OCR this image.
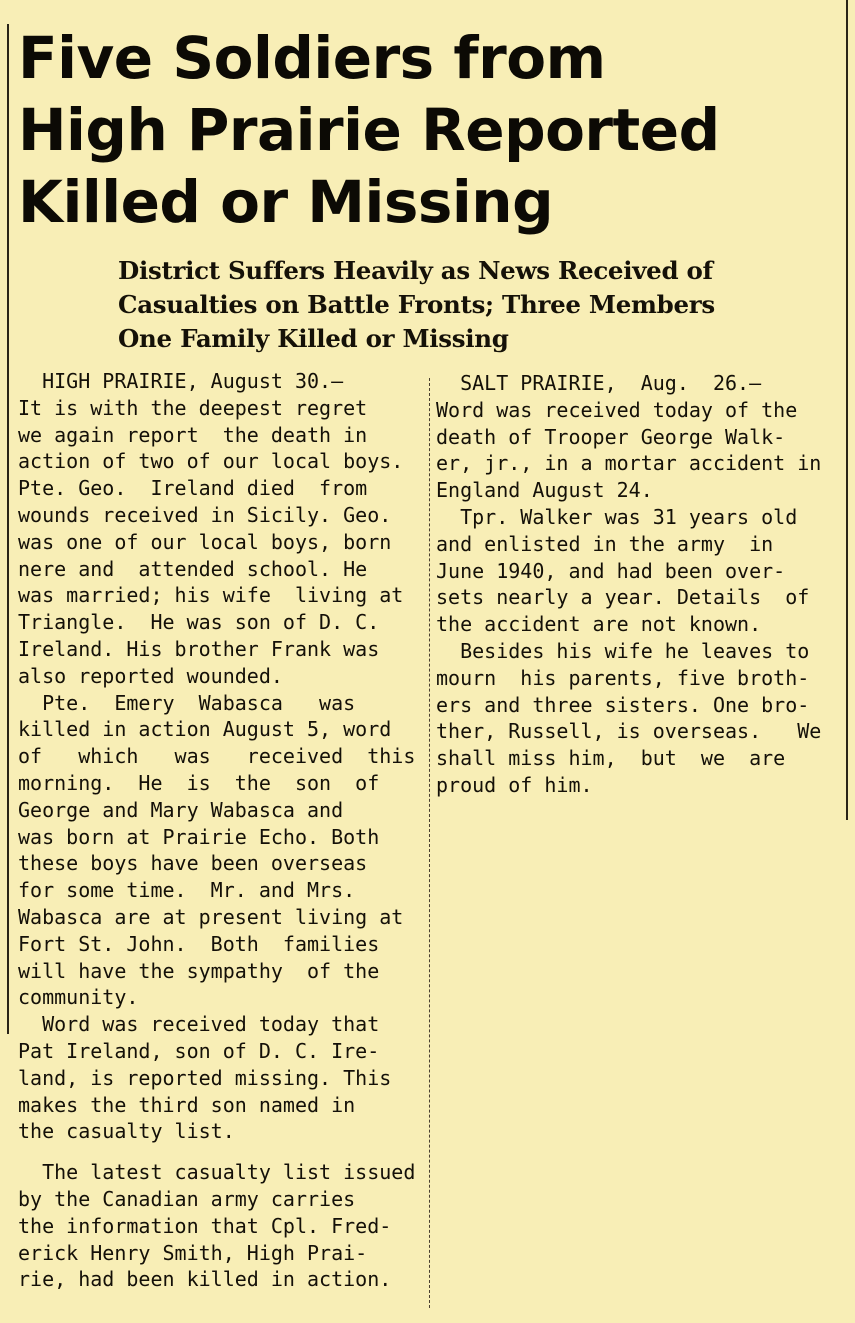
Five Soldiers from
High Prairie Reported
Killed or Missing
District Suffers Heavily as News Received of
Casualties on Battle Fronts; Three Members
One Family Killed or Missing

HIGH PRAIRIE, August 30.—
It is with the deepest regret
we again report  the death in
action of two of our local boys.
Pte. Geo.  Ireland died  from
wounds received in Sicily. Geo.
was one of our local boys, born
nere and  attended school. He
was married; his wife  living at
Triangle.  He was son of D. C.
Ireland. His brother Frank was
also reported wounded.

Pte.  Emery  Wabasca   was
killed in action August 5, word
of   which   was   received  this
morning.  He  is  the  son  of
George and Mary Wabasca and
was born at Prairie Echo. Both
these boys have been overseas
for some time.  Mr. and Mrs.
Wabasca are at present living at
Fort St. John.  Both  families
will have the sympathy  of the
community.

Word was received today that
Pat Ireland, son of D. C. Ire-
land, is reported missing. This
makes the third son named in
the casualty list.

The latest casualty list issued
by the Canadian army carries
the information that Cpl. Fred-
erick Henry Smith, High Prai-
rie, had been killed in action.

SALT PRAIRIE,  Aug.  26.—
Word was received today of the
death of Trooper George Walk-
er, jr., in a mortar accident in
England August 24.

Tpr. Walker was 31 years old
and enlisted in the army  in
June 1940, and had been over-
sets nearly a year. Details  of
the accident are not known.

Besides his wife he leaves to
mourn  his parents, five broth-
ers and three sisters. One bro-
ther, Russell, is overseas.   We
shall miss him,  but  we  are
proud of him.
